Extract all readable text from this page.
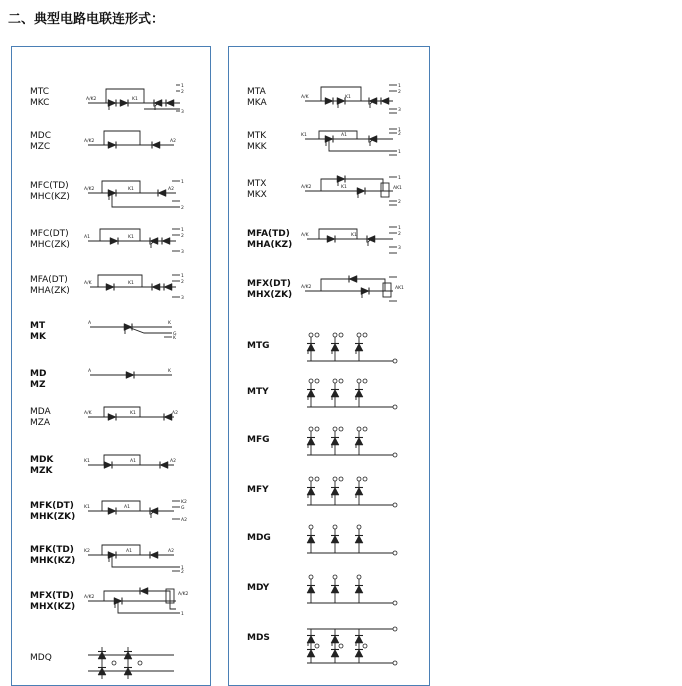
二、典型电路电联连形式：
MTC
MKC	A/K2	K1
1
2
3
MDC
MZC
A/K2	A2
MFC(TD)
MHC(KZ)
A/K2	K1	A2
1
2
MFC(DT)
MHC(ZK)
A1	K1
1
2
3
MFA(DT)
MHA(ZK)
A/K	K1
1
2
3
MT
MK
A	K
G
K
MD
MZ
A	K
MDA
MZA
A/K	K1	A2
MDK
MZK
K1	A1	A2
MFK(DT)
MHK(ZK)
K1	A1
K2
G
A2
MFK(TD)
MHK(KZ)
K2	A1	A2
1
2
MFX(TD)
MHX(KZ)
A/K2
A/K2
1
MDQ
MTA
MKA
A/K	K1
1
2
3
MTK
MKK
K1	A1
1
2
1
MTX
MKX
A/K2	K1	AK1
1
2
MFA(TD)
MHA(KZ)
A/K	K1
1
2
3
MFX(DT)
MHX(ZK)
A/K2	AK1
MTG
MTY
MFG
MFY
MDG
MDY
MDS
